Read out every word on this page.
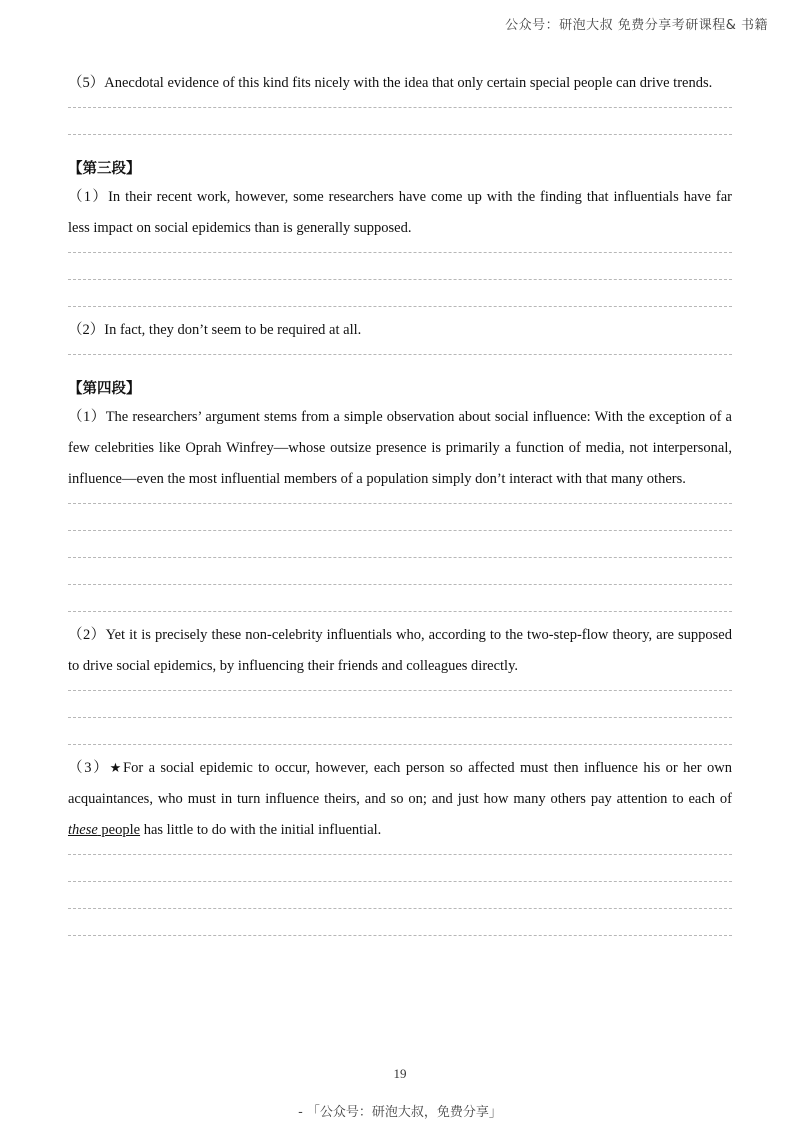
公众号：研泡大叔 免费分享考研课程& 书籍

（5）Anecdotal evidence of this kind fits nicely with the idea that only certain special people can drive trends.

【第三段】

（1）In their recent work, however, some researchers have come up with the finding that influentials have far less impact on social epidemics than is generally supposed.

（2）In fact, they don’t seem to be required at all.

【第四段】

（1）The researchers’ argument stems from a simple observation about social influence: With the exception of a few celebrities like Oprah Winfrey—whose outsize presence is primarily a function of media, not interpersonal, influence—even the most influential members of a population simply don’t interact with that many others.

（2）Yet it is precisely these non-celebrity influentials who, according to the two-step-flow theory, are supposed to drive social epidemics, by influencing their friends and colleagues directly.

（3）★For a social epidemic to occur, however, each person so affected must then influence his or her own acquaintances, who must in turn influence theirs, and so on; and just how many others pay attention to each of these people has little to do with the initial influential.

19
- 「公众号：研泡大叔，免费分享」
